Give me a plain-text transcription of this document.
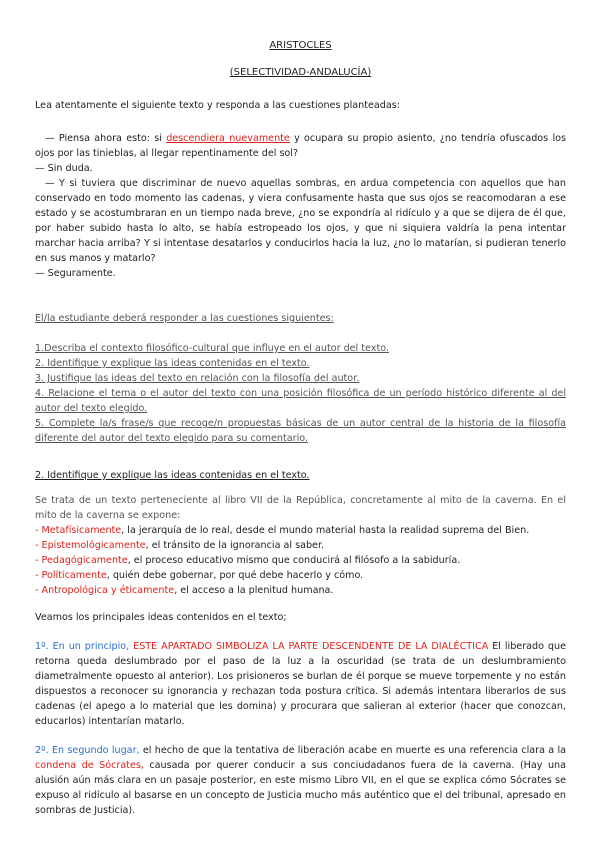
ARISTOCLES

(SELECTIVIDAD-ANDALUCÍA)

Lea atentamente el siguiente texto y responda a las cuestiones planteadas:

— Piensa ahora esto: si descendiera nuevamente y ocupara su propio asiento, ¿no tendría ofuscados los ojos por las tinieblas, al llegar repentinamente del sol?

— Sin duda.

— Y si tuviera que discriminar de nuevo aquellas sombras, en ardua competencia con aquellos que han conservado en todo momento las cadenas, y viera confusamente hasta que sus ojos se reacomodaran a ese estado y se acostumbraran en un tiempo nada breve, ¿no se expondría al ridículo y a que se dijera de él que, por haber subido hasta lo alto, se había estropeado los ojos, y que ni siquiera valdría la pena intentar marchar hacia arriba? Y si intentase desatarlos y conducirlos hacia la luz, ¿no lo matarían, si pudieran tenerlo en sus manos y matarlo?

— Seguramente.

El/la estudiante deberá responder a las cuestiones siguientes:

1.Describa el contexto filosófico-cultural que influye en el autor del texto.

2. Identifique y explique las ideas contenidas en el texto.

3. Justifique las ideas del texto en relación con la filosofía del autor.

4. Relacione el tema o el autor del texto con una posición filosófica de un período histórico diferente al del autor del texto elegido.

5. Complete la/s frase/s que recoge/n propuestas básicas de un autor central de la historia de la filosofía diferente del autor del texto elegido para su comentario.

2. Identifique y explique las ideas contenidas en el texto.

Se trata de un texto perteneciente al libro VII de la República, concretamente al mito de la caverna. En el mito de la caverna se expone:

- Metafísicamente, la jerarquía de lo real, desde el mundo material hasta la realidad suprema del Bien.

- Epistemológicamente, el tránsito de la ignorancia al saber.

- Pedagógicamente, el proceso educativo mismo que conducirá al filósofo a la sabiduría.

- Políticamente, quién debe gobernar, por qué debe hacerlo y cómo.

- Antropológica y éticamente, el acceso a la plenitud humana.

Veamos los principales ideas contenidos en el texto;

1º. En un principio, ESTE APARTADO SIMBOLIZA LA PARTE DESCENDENTE DE LA DIALÉCTICA El liberado que retorna queda deslumbrado por el paso de la luz a la oscuridad (se trata de un deslumbramiento diametralmente opuesto al anterior). Los prisioneros se burlan de él porque se mueve torpemente y no están dispuestos a reconocer su ignorancia y rechazan toda postura crítica. Si además intentara liberarlos de sus cadenas (el apego a lo material que les domina) y procurara que salieran al exterior (hacer que conozcan, educarlos) intentarían matarlo.

2º. En segundo lugar, el hecho de que la tentativa de liberación acabe en muerte es una referencia clara a la condena de Sócrates, causada por querer conducir a sus conciudadanos fuera de la caverna. (Hay una alusión aún más clara en un pasaje posterior, en este mismo Libro VII, en el que se explica cómo Sócrates se expuso al ridículo al basarse en un concepto de Justicia mucho más auténtico que el del tribunal, apresado en sombras de Justicia).
